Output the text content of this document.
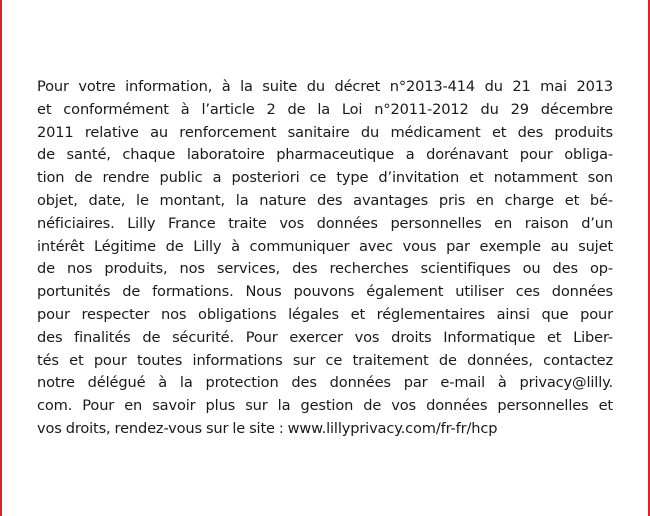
Pour votre information, à la suite du décret n°2013-414 du 21 mai 2013
et conformément à l’article 2 de la Loi n°2011-2012 du 29 décembre
2011 relative au renforcement sanitaire du médicament et des produits
de santé, chaque laboratoire pharmaceutique a dorénavant pour obliga-
tion de rendre public a posteriori ce type d’invitation et notamment son
objet, date, le montant, la nature des avantages pris en charge et bé-
néficiaires. Lilly France traite vos données personnelles en raison d’un
intérêt Légitime de Lilly à communiquer avec vous par exemple au sujet
de nos produits, nos services, des recherches scientifiques ou des op-
portunités de formations. Nous pouvons également utiliser ces données
pour respecter nos obligations légales et réglementaires ainsi que pour
des finalités de sécurité. Pour exercer vos droits Informatique et Liber-
tés et pour toutes informations sur ce traitement de données, contactez
notre délégué à la protection des données par e-mail à privacy@lilly.
com. Pour en savoir plus sur la gestion de vos données personnelles et
vos droits, rendez-vous sur le site : www.lillyprivacy.com/fr-fr/hcp
